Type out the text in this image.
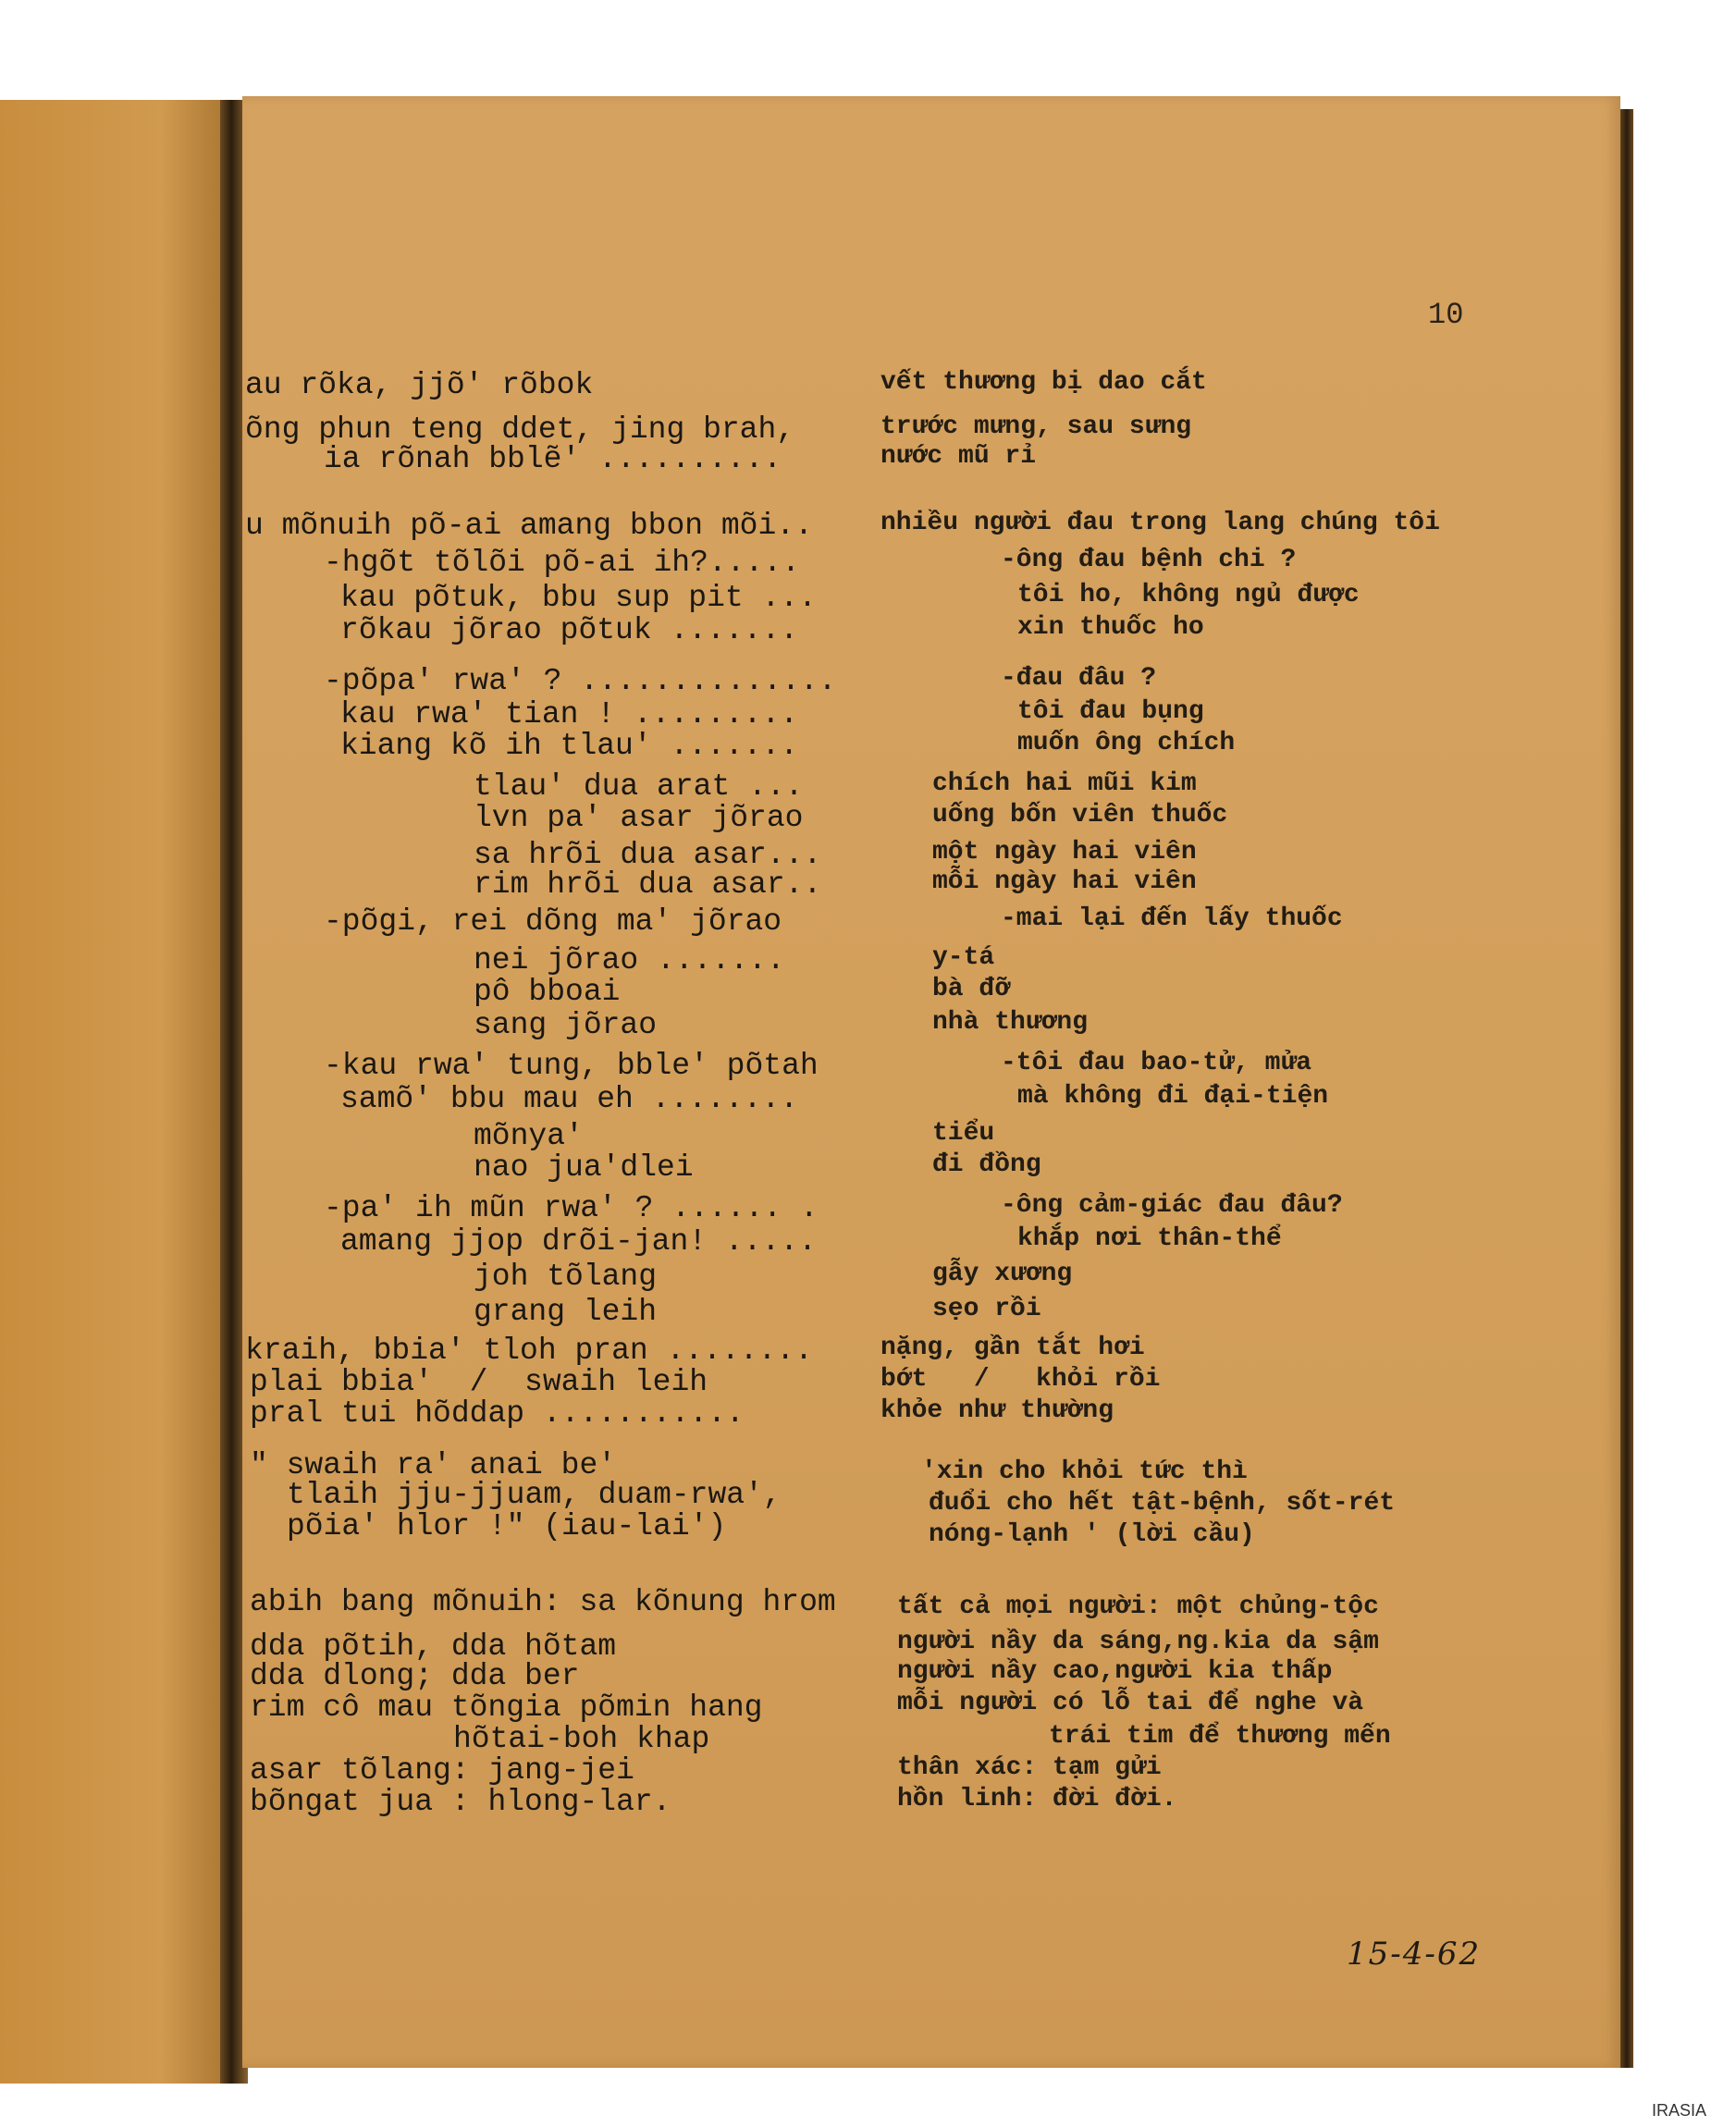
10
au rõka, jjõ' rõbok
õng phun teng ddet, jing brah,
ia rõnah bblẽ' ..........
u mõnuih põ-ai amang bbon mõi..
-hgõt tõlõi põ-ai ih?.....
kau põtuk, bbu sup pit ...
rõkau jõrao põtuk .......
-põpa' rwa' ? ..............
kau rwa' tian ! .........
kiang kõ ih tlau' .......
tlau' dua arat ...
lvn pa' asar jõrao
sa hrõi dua asar...
rim hrõi dua asar..
-põgi, rei dõng ma' jõrao
nei jõrao .......
pô bboai
sang jõrao
-kau rwa' tung, bble' põtah
samõ' bbu mau eh ........
mõnya'
nao jua'dlei
-pa' ih mũn rwa' ? ...... .
amang jjop drõi-jan! .....
joh tõlang
grang leih
kraih, bbia' tloh pran ........
plai bbia'  /  swaih leih
pral tui hõddap ...........
" swaih ra' anai be'
tlaih jju-jjuam, duam-rwa',
põia' hlor !" (iau-lai')
abih bang mõnuih: sa kõnung hrom
dda põtih, dda hõtam
dda dlong; dda ber
rim cô mau tõngia põmin hang
hõtai-boh khap
asar tõlang: jang-jei
bõngat jua : hlong-lar.
vết thương bị dao cắt
trước mưng, sau sưng
nước mũ rỉ
nhiều người đau trong lang chúng tôi
-ông đau bệnh chi ?
tôi ho, không ngủ được
xin thuốc ho
-đau đâu ?
tôi đau bụng
muốn ông chích
chích hai mũi kim
uống bốn viên thuốc
một ngày hai viên
mỗi ngày hai viên
-mai lại đến lấy thuốc
y-tá
bà đỡ
nhà thương
-tôi đau bao-tử, mửa
mà không đi đại-tiện
tiểu
đi đồng
-ông cảm-giác đau đâu?
khắp nơi thân-thể
gẫy xương
sẹo rồi
nặng, gần tắt hơi
bớt   /   khỏi rồi
khỏe như thường
'xin cho khỏi tức thì
đuổi cho hết tật-bệnh, sốt-rét
nóng-lạnh ' (lời cầu)
tất cả mọi người: một chủng-tộc
người nầy da sáng,ng.kia da sậm
người nầy cao,người kia thấp
mỗi người có lỗ tai để nghe và
trái tim để thương mến
thân xác: tạm gửi
hồn linh: đời đời.
15-4-62
IRASIA
